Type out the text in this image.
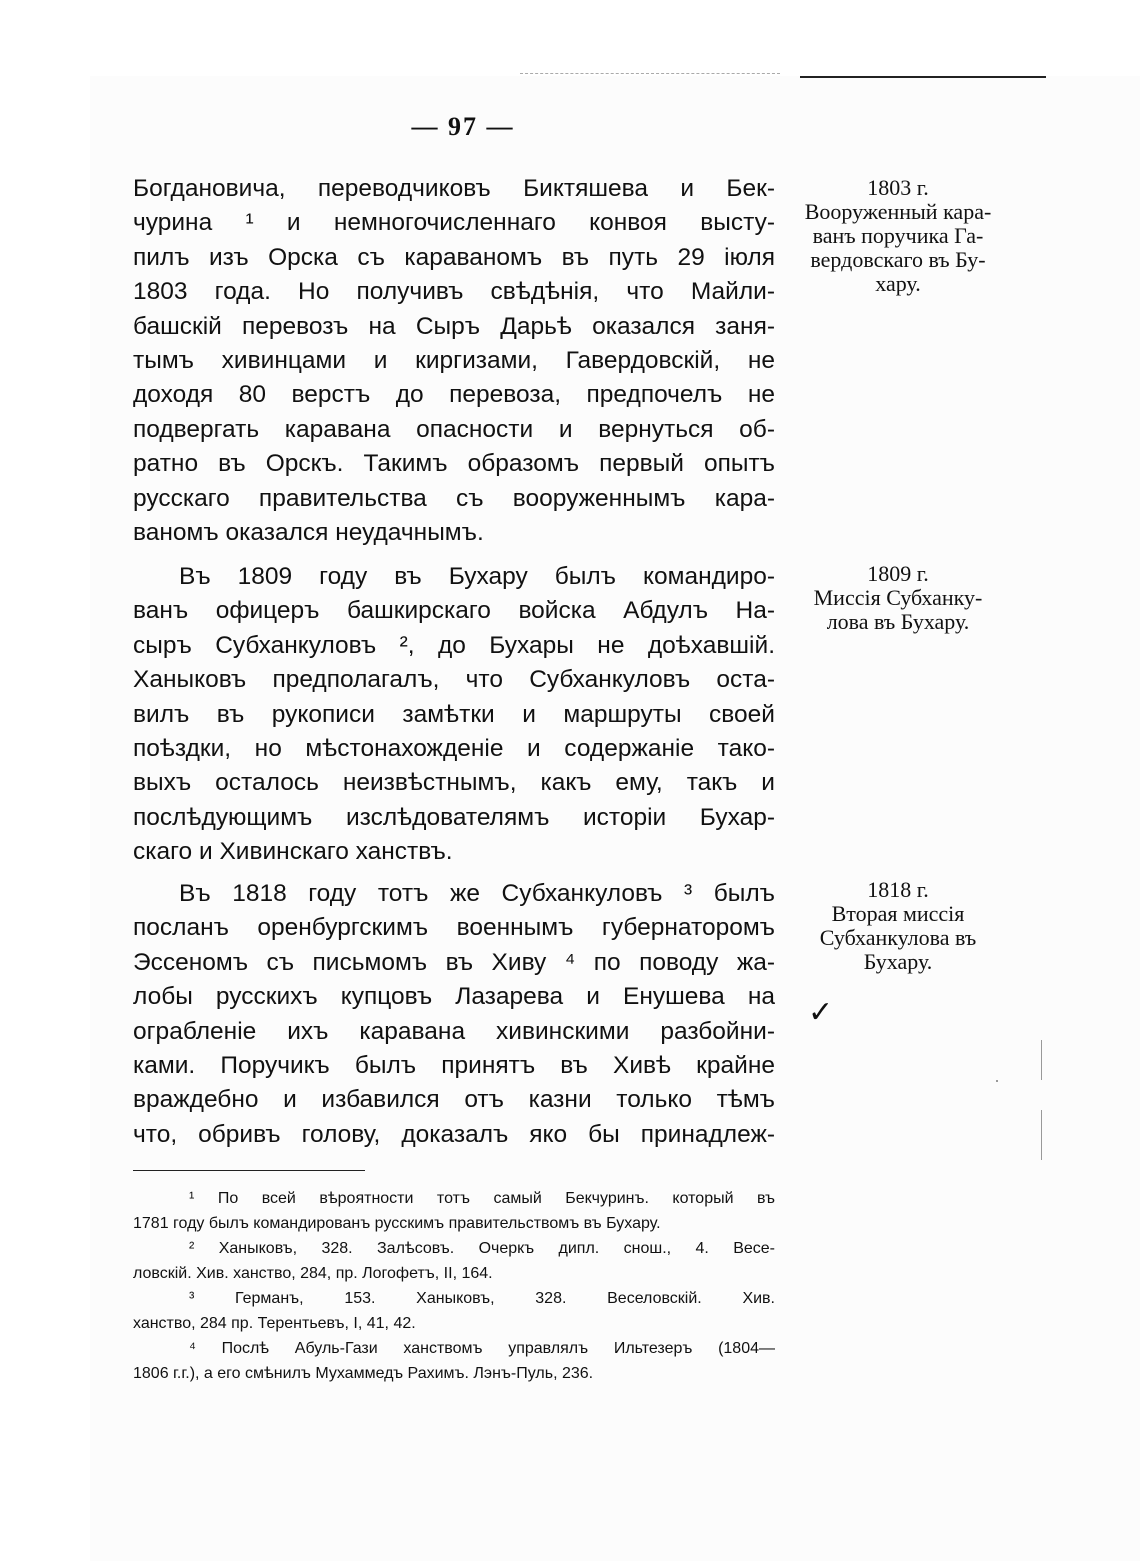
— 97 —
Богдановича, переводчиковъ Биктяшева и Бек-
чурина ¹ и немногочисленнаго конвоя высту-
пилъ изъ Орска съ караваномъ въ путь 29 іюля
1803 года. Но получивъ свѣдѣнія, что Майли-
башскій перевозъ на Сыръ Дарьѣ оказался заня-
тымъ хивинцами и киргизами, Гавердовскій, не
доходя 80 верстъ до перевоза, предпочелъ не
подвергать каравана опасности и вернуться об-
ратно въ Орскъ. Такимъ образомъ первый опытъ
русскаго правительства съ вооруженнымъ кара-
ваномъ оказался неудачнымъ.
Въ 1809 году въ Бухару былъ командиро-
ванъ офицеръ башкирскаго войска Абдулъ На-
сыръ Субханкуловъ ², до Бухары не доѣхавшій.
Ханыковъ предполагалъ, что Субханкуловъ оста-
вилъ въ рукописи замѣтки и маршруты своей
поѣздки, но мѣстонахожденіе и содержаніе тако-
выхъ осталось неизвѣстнымъ, какъ ему, такъ и
послѣдующимъ изслѣдователямъ исторіи Бухар-
скаго и Хивинскаго ханствъ.
Въ 1818 году тотъ же Субханкуловъ ³ былъ
посланъ оренбургскимъ военнымъ губернаторомъ
Эссеномъ съ письмомъ въ Хиву ⁴ по поводу жа-
лобы русскихъ купцовъ Лазарева и Енушева на
ограбленіе ихъ каравана хивинскими разбойни-
ками. Поручикъ былъ принятъ въ Хивѣ крайне
враждебно и избавился отъ казни только тѣмъ
что, обривъ голову, доказалъ яко бы принадлеж-
1803 г.
Вооруженный кара-
ванъ поручика Га-
вердовскаго въ Бу-
хару.
1809 г.
Миссія Субханку-
лова въ Бухару.
1818 г.
Вторая миссія
Субханкулова въ
Бухару.
✓
¹ По всей вѣроятности тотъ самый Бекчуринъ. который въ
1781 году былъ командированъ русскимъ правительствомъ въ Бухару.
² Ханыковъ, 328. Залѣсовъ. Очеркъ дипл. снош., 4. Весе-
ловскій. Хив. ханство, 284, пр. Логофетъ, II, 164.
³ Германъ, 153. Ханыковъ, 328. Веселовскій. Хив.
ханство, 284 пр. Терентьевъ, I, 41, 42.
⁴ Послѣ Абуль-Гази ханствомъ управлялъ Ильтезеръ (1804—
1806 г.г.), а его смѣнилъ Мухаммедъ Рахимъ. Лэнъ-Пуль, 236.
